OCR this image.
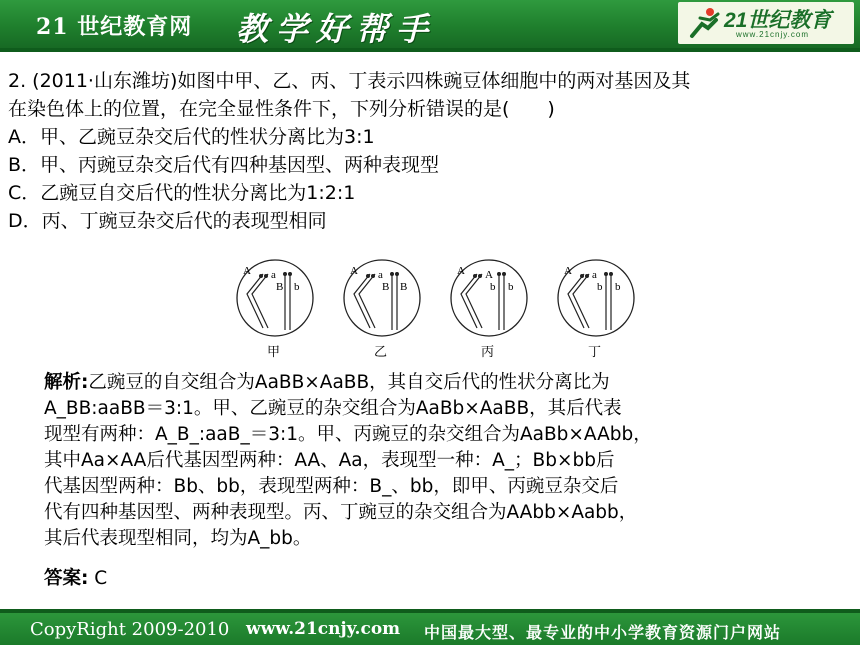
21 世纪教育网 教学好帮手	21世纪教育
www.21cnjy.com
2. (2011·山东潍坊)如图中甲、乙、丙、丁表示四株豌豆体细胞中的两对基因及其
在染色体上的位置，在完全显性条件下，下列分析错误的是(　　)
A．甲、乙豌豆杂交后代的性状分离比为3:1
B．甲、丙豌豆杂交后代有四种基因型、两种表现型
C．乙豌豆自交后代的性状分离比为1:2:1
D．丙、丁豌豆杂交后代的表现型相同
A a
B b
甲
A a
B B
乙
A A
b b
丙
A a
b b
丁
解析:乙豌豆的自交组合为AaBB×AaBB，其自交后代的性状分离比为
A_BB:aaBB＝3:1。甲、乙豌豆的杂交组合为AaBb×AaBB，其后代表
现型有两种：A_B_:aaB_＝3:1。甲、丙豌豆的杂交组合为AaBb×AAbb，
其中Aa×AA后代基因型两种：AA、Aa，表现型一种：A_；Bb×bb后
代基因型两种：Bb、bb，表现型两种：B_、bb，即甲、丙豌豆杂交后
代有四种基因型、两种表现型。丙、丁豌豆的杂交组合为AAbb×Aabb，
其后代表现型相同，均为A_bb。
答案: C
CopyRight 2009-2010 www.21cnjy.com 中国最大型、最专业的中小学教育资源门户网站
